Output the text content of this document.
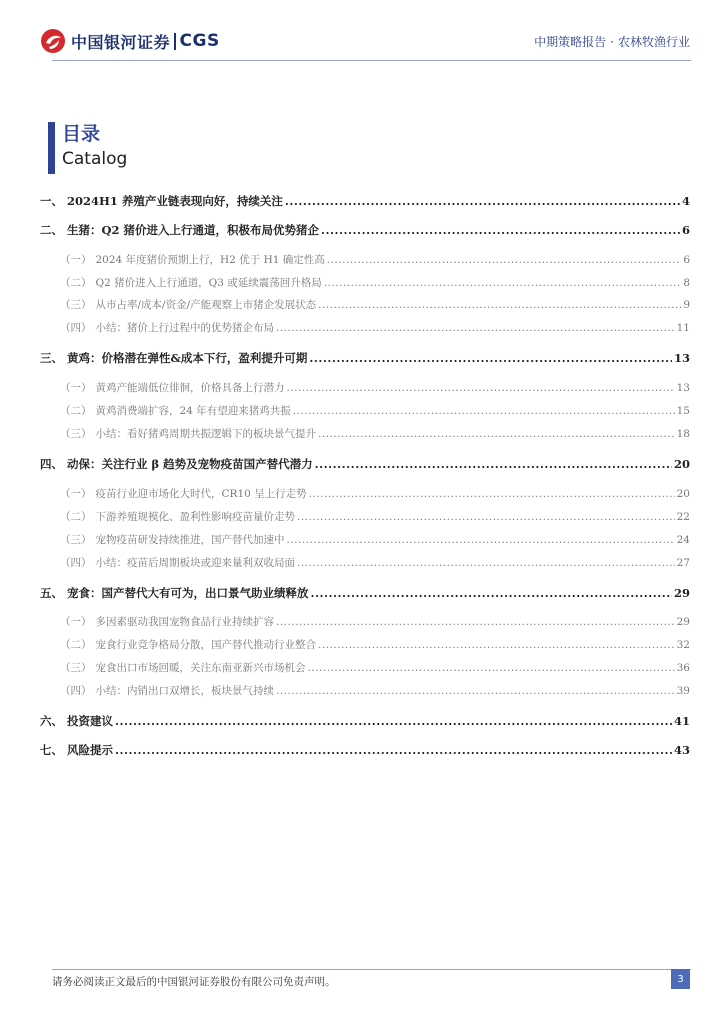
中国银河证券 CGS	中期策略报告 · 农林牧渔行业
目录
Catalog
一、 2024H1 养殖产业链表现向好，持续关注 .....	4
二、 生猪：Q2 猪价进入上行通道，积极布局优势猪企 .....	6
（一） 2024 年度猪价预期上行，H2 优于 H1 确定性高 .....	6
（二） Q2 猪价进入上行通道，Q3 或延续震荡回升格局 .....	8
（三） 从市占率/成本/资金/产能观察上市猪企发展状态 .....	9
（四） 小结：猪价上行过程中的优势猪企布局 .....	11
三、 黄鸡：价格潜在弹性&成本下行，盈利提升可期 .....	13
（一） 黄鸡产能端低位徘徊，价格具备上行潜力 .....	13
（二） 黄鸡消费端扩容，24 年有望迎来猪鸡共振 .....	15
（三） 小结：看好猪鸡周期共振逻辑下的板块景气提升 .....	18
四、 动保：关注行业 β 趋势及宠物疫苗国产替代潜力 .....	20
（一） 疫苗行业迎市场化大时代，CR10 呈上行走势 .....	20
（二） 下游养殖规模化、盈利性影响疫苗量价走势 .....	22
（三） 宠物疫苗研发持续推进，国产替代加速中 .....	24
（四） 小结：疫苗后周期板块或迎来量利双收局面 .....	27
五、 宠食：国产替代大有可为，出口景气助业绩释放 .....	29
（一） 多因素驱动我国宠物食品行业持续扩容 .....	29
（二） 宠食行业竞争格局分散，国产替代推动行业整合 .....	32
（三） 宠食出口市场回暖，关注东南亚新兴市场机会 .....	36
（四） 小结：内销出口双增长，板块景气持续 .....	39
六、 投资建议 .....	41
七、 风险提示 .....	43
请务必阅读正文最后的中国银河证券股份有限公司免责声明。	3
